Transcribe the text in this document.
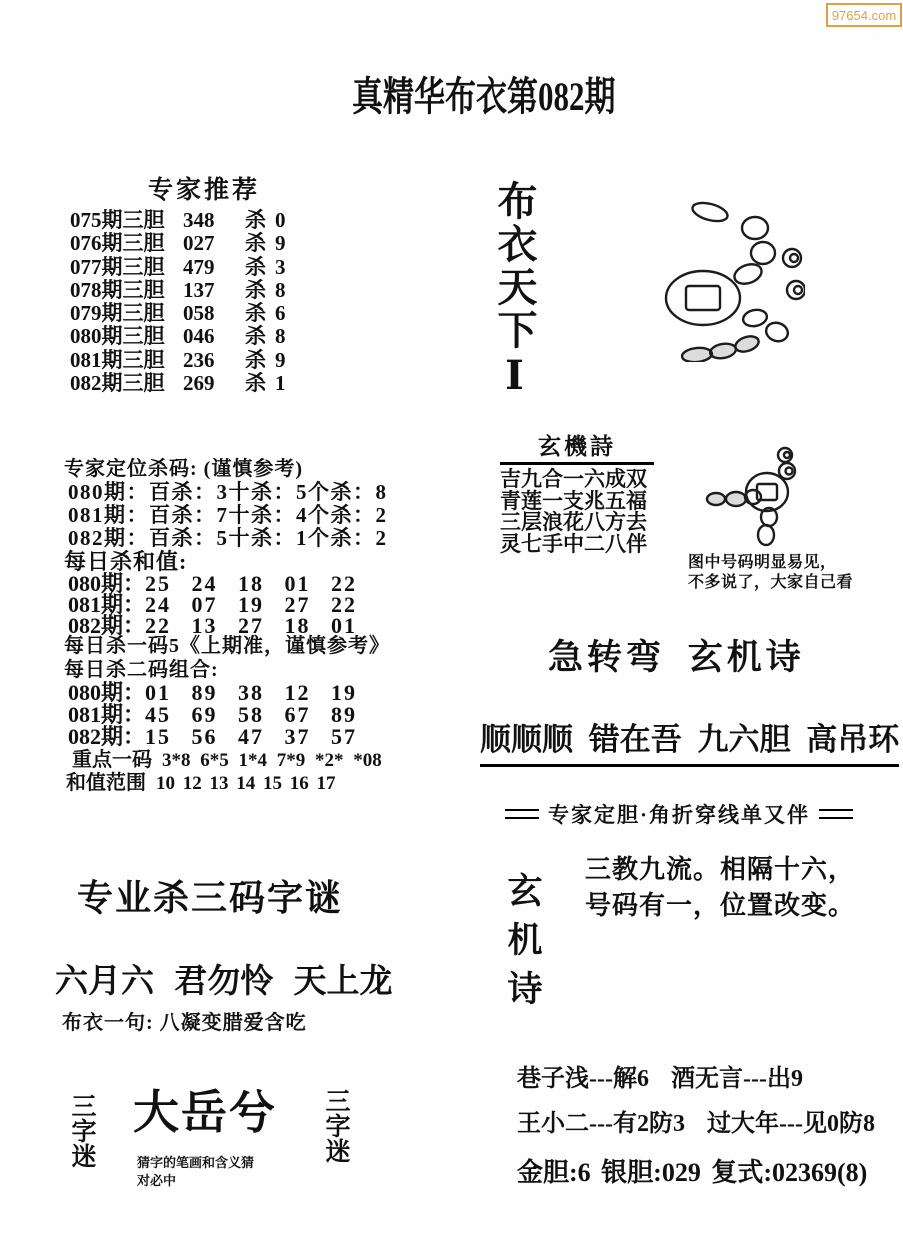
97654.com
真精华布衣第082期
专家推荐
075期三胆 348	杀 0
076期三胆 027	杀 9
077期三胆 479	杀 3
078期三胆 137	杀 8
079期三胆 058	杀 6
080期三胆 046	杀 8
081期三胆 236	杀 9
082期三胆 269	杀 1
专家定位杀码: (谨慎参考)
080期：百杀：3十杀：5个杀：8
081期：百杀：7十杀：4个杀：2
082期：百杀：5十杀：1个杀：2
每日杀和值:
080期：25 24 18 01 22
081期：24 07 19 27 22
082期：22 13 27 18 01
每日杀一码5《上期准，谨慎参考》
每日杀二码组合:
080期：01 89 38 12 19
081期：45 69 58 67 89
082期：15 56 47 37 57
重点一码 3*8 6*5 1*4 7*9 *2* *08
和值范围 10 12 13 14 15 16 17
布衣天下Ⅰ
玄機詩
吉九合一六成双
青莲一支兆五福
三层浪花八方去
灵七手中二八伴
图中号码明显易见，
不多说了，大家自己看
急转弯 玄机诗
顺顺顺 错在吾 九六胆 高吊环
专家定胆·角折穿线单又伴
玄机诗
三教九流。相隔十六，
号码有一，位置改变。
巷子浅---解6  酒无言---出9
王小二---有2防3  过大年---见0防8
金胆:6 银胆:029 复式:02369(8)
专业杀三码字谜
六月六 君勿怜 天上龙
布衣一句: 八凝变腊爱含吃
三字迷 大岳兮 三字迷
猜字的笔画和含义猜
对必中
